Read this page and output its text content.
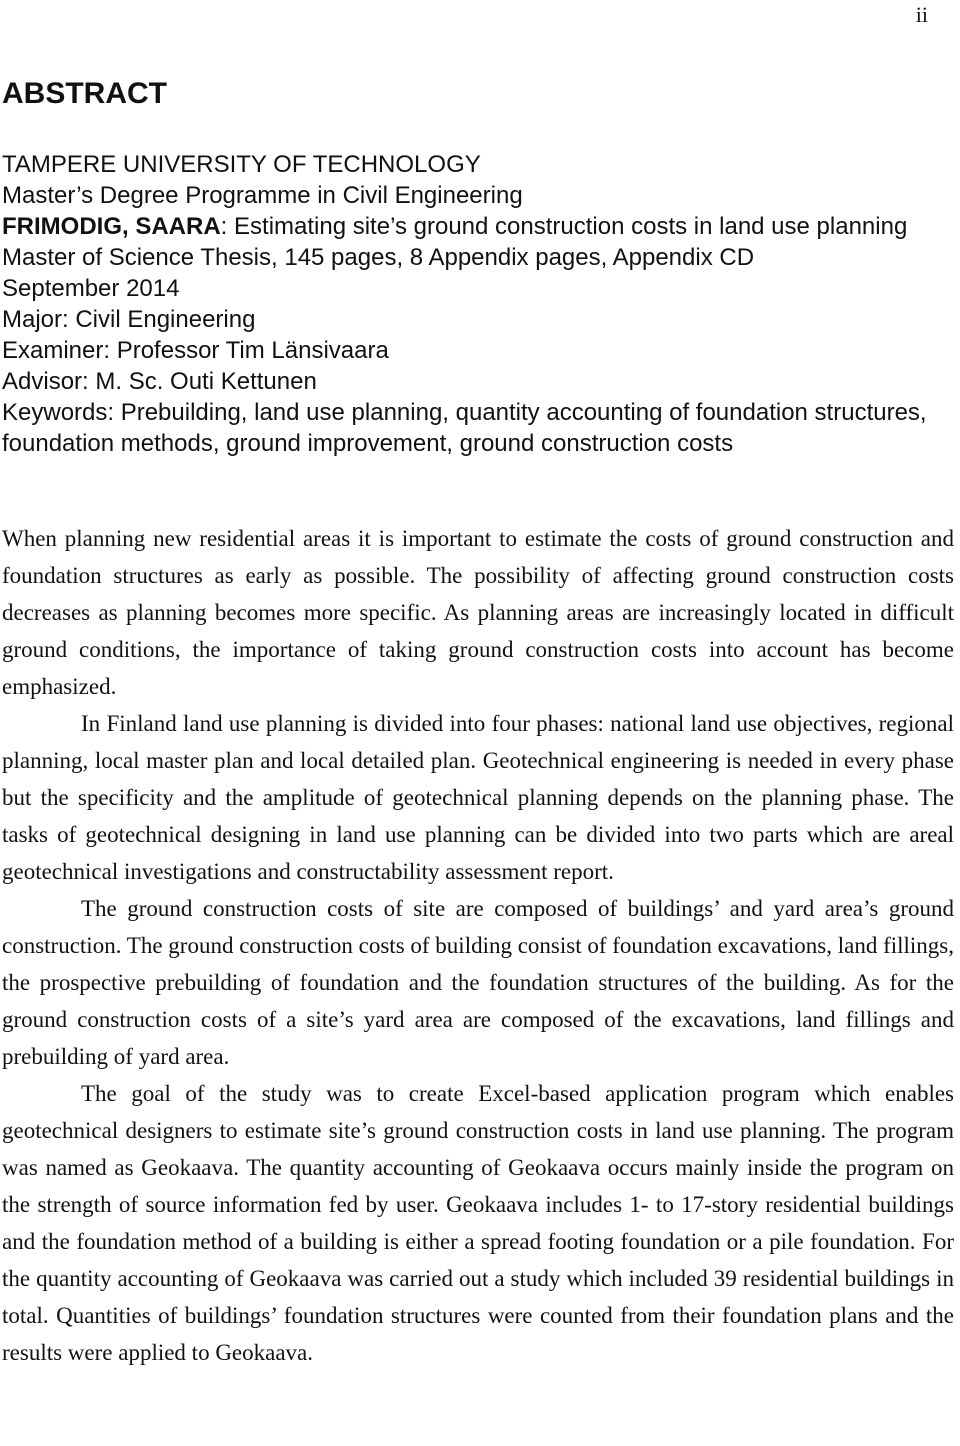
ii
ABSTRACT
TAMPERE UNIVERSITY OF TECHNOLOGY
Master’s Degree Programme in Civil Engineering
FRIMODIG, SAARA: Estimating site’s ground construction costs in land use planning
Master of Science Thesis, 145 pages, 8 Appendix pages, Appendix CD
September 2014
Major: Civil Engineering
Examiner: Professor Tim Länsivaara
Advisor: M. Sc. Outi Kettunen
Keywords: Prebuilding, land use planning, quantity accounting of foundation structures, foundation methods, ground improvement, ground construction costs

When planning new residential areas it is important to estimate the costs of ground construction and foundation structures as early as possible. The possibility of affecting ground construction costs decreases as planning becomes more specific. As planning areas are increasingly located in difficult ground conditions, the importance of taking ground construction costs into account has become emphasized.

In Finland land use planning is divided into four phases: national land use objectives, regional planning, local master plan and local detailed plan. Geotechnical engineering is needed in every phase but the specificity and the amplitude of geotechnical planning depends on the planning phase. The tasks of geotechnical designing in land use planning can be divided into two parts which are areal geotechnical investigations and constructability assessment report.

The ground construction costs of site are composed of buildings’ and yard area’s ground construction. The ground construction costs of building consist of foundation excavations, land fillings, the prospective prebuilding of foundation and the foundation structures of the building. As for the ground construction costs of a site’s yard area are composed of the excavations, land fillings and prebuilding of yard area.

The goal of the study was to create Excel-based application program which enables geotechnical designers to estimate site’s ground construction costs in land use planning. The program was named as Geokaava. The quantity accounting of Geokaava occurs mainly inside the program on the strength of source information fed by user. Geokaava includes 1- to 17-story residential buildings and the foundation method of a building is either a spread footing foundation or a pile foundation. For the quantity accounting of Geokaava was carried out a study which included 39 residential buildings in total. Quantities of buildings’ foundation structures were counted from their foundation plans and the results were applied to Geokaava.
